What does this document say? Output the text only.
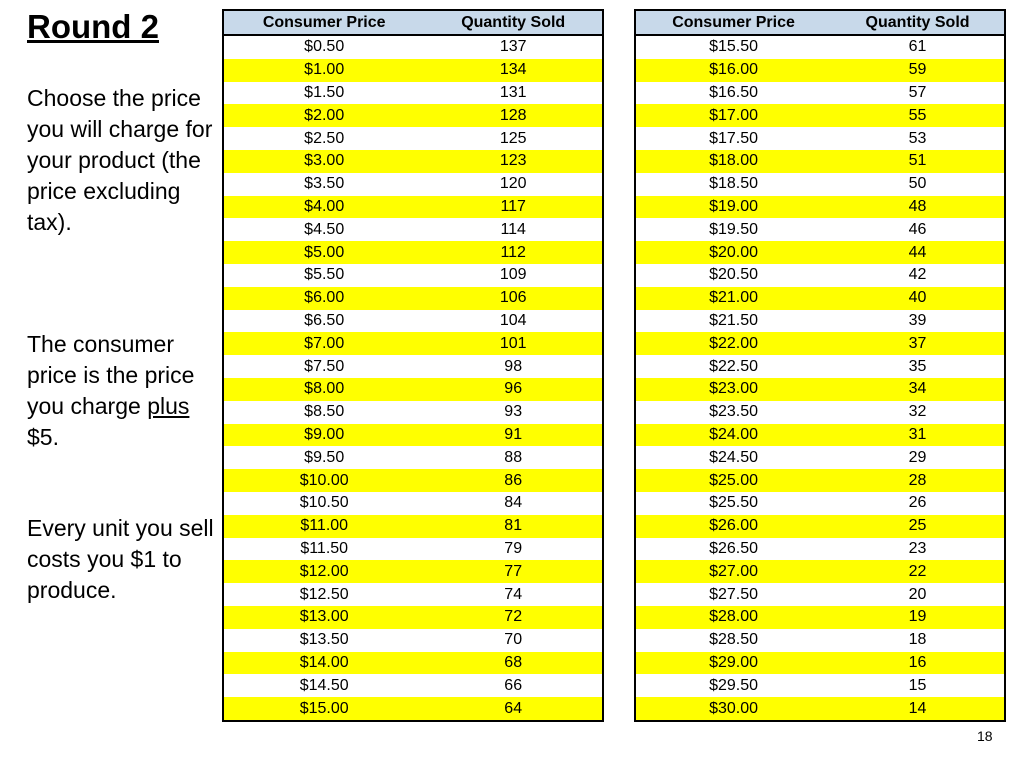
Round 2
Choose the price you will charge for your product (the price excluding tax).
The consumer price is the price you charge plus $5.
Every unit you sell costs you $1 to produce.
Consumer Price	Quantity Sold
$0.50	137
$1.00	134
$1.50	131
$2.00	128
$2.50	125
$3.00	123
$3.50	120
$4.00	117
$4.50	114
$5.00	112
$5.50	109
$6.00	106
$6.50	104
$7.00	101
$7.50	98
$8.00	96
$8.50	93
$9.00	91
$9.50	88
$10.00	86
$10.50	84
$11.00	81
$11.50	79
$12.00	77
$12.50	74
$13.00	72
$13.50	70
$14.00	68
$14.50	66
$15.00	64
Consumer Price	Quantity Sold
$15.50	61
$16.00	59
$16.50	57
$17.00	55
$17.50	53
$18.00	51
$18.50	50
$19.00	48
$19.50	46
$20.00	44
$20.50	42
$21.00	40
$21.50	39
$22.00	37
$22.50	35
$23.00	34
$23.50	32
$24.00	31
$24.50	29
$25.00	28
$25.50	26
$26.00	25
$26.50	23
$27.00	22
$27.50	20
$28.00	19
$28.50	18
$29.00	16
$29.50	15
$30.00	14
18
